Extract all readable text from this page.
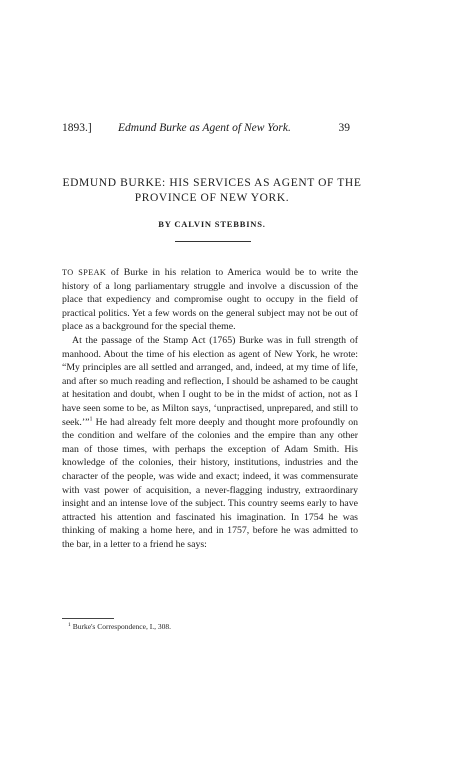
1893.] Edmund Burke as Agent of New York.	39
EDMUND BURKE: HIS SERVICES AS AGENT OF THE PROVINCE OF NEW YORK.
BY CALVIN STEBBINS.

TO SPEAK of Burke in his relation to America would be to write the history of a long parliamentary struggle and involve a discussion of the place that expediency and compromise ought to occupy in the field of practical politics. Yet a few words on the general subject may not be out of place as a background for the special theme.

At the passage of the Stamp Act (1765) Burke was in full strength of manhood. About the time of his election as agent of New York, he wrote: “My principles are all settled and arranged, and, indeed, at my time of life, and after so much reading and reflection, I should be ashamed to be caught at hesitation and doubt, when I ought to be in the midst of action, not as I have seen some to be, as Milton says, ‘unpractised, unprepared, and still to seek.’”$^1$ He had already felt more deeply and thought more profoundly on the condition and welfare of the colonies and the empire than any other man of those times, with perhaps the exception of Adam Smith. His knowledge of the colonies, their history, institutions, industries and the character of the people, was wide and exact; indeed, it was commensurate with vast power of acquisition, a never-flagging industry, extraordinary insight and an intense love of the subject. This country seems early to have attracted his attention and fascinated his imagination. In 1754 he was thinking of making a home here, and in 1757, before he was admitted to the bar, in a letter to a friend he says:

$^1$ Burke's Correspondence, I., 308.
